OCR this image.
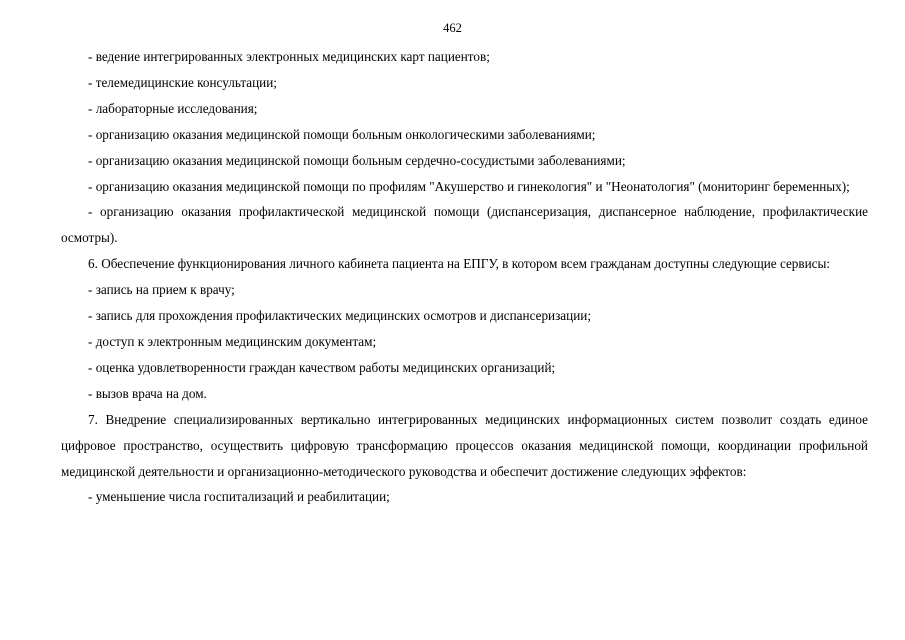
462

- ведение интегрированных электронных медицинских карт пациентов;

- телемедицинские консультации;

- лабораторные исследования;

- организацию оказания медицинской помощи больным онкологическими заболеваниями;

- организацию оказания медицинской помощи больным сердечно-сосудистыми заболеваниями;

- организацию оказания медицинской помощи по профилям "Акушерство и гинекология" и "Неонатология" (мониторинг беременных);

- организацию оказания профилактической медицинской помощи (диспансеризация, диспансерное наблюдение, профилактические осмотры).

6. Обеспечение функционирования личного кабинета пациента на ЕПГУ, в котором всем гражданам доступны следующие сервисы:

- запись на прием к врачу;

- запись для прохождения профилактических медицинских осмотров и диспансеризации;

- доступ к электронным медицинским документам;

- оценка удовлетворенности граждан качеством работы медицинских организаций;

- вызов врача на дом.

7. Внедрение специализированных вертикально интегрированных медицинских информационных систем позволит создать единое цифровое пространство, осуществить цифровую трансформацию процессов оказания медицинской помощи, координации профильной медицинской деятельности и организационно-методического руководства и обеспечит достижение следующих эффектов:

- уменьшение числа госпитализаций и реабилитации;
